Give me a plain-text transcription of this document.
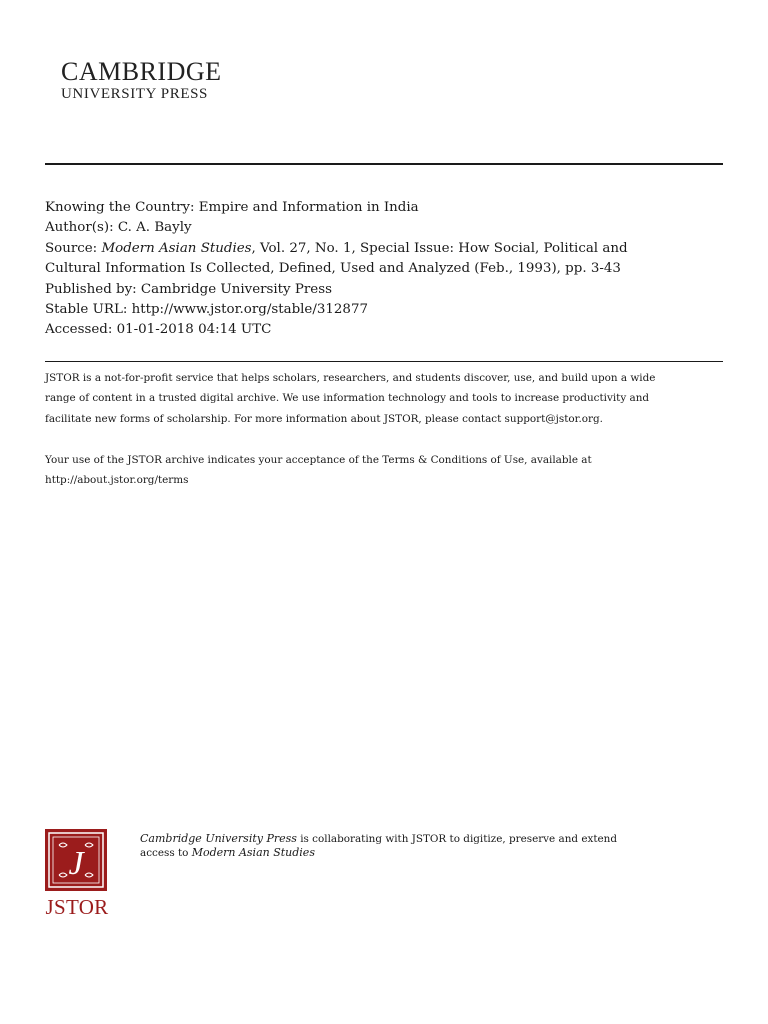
CAMBRIDGE
UNIVERSITY PRESS
Knowing the Country: Empire and Information in India
Author(s): C. A. Bayly
Source: Modern Asian Studies, Vol. 27, No. 1, Special Issue: How Social, Political and
Cultural Information Is Collected, Defined, Used and Analyzed (Feb., 1993), pp. 3-43
Published by: Cambridge University Press
Stable URL: http://www.jstor.org/stable/312877
Accessed: 01-01-2018 04:14 UTC
JSTOR is a not-for-profit service that helps scholars, researchers, and students discover, use, and build upon a wide
range of content in a trusted digital archive. We use information technology and tools to increase productivity and
facilitate new forms of scholarship. For more information about JSTOR, please contact support@jstor.org.
Your use of the JSTOR archive indicates your acceptance of the Terms & Conditions of Use, available at
http://about.jstor.org/terms
J
JSTOR
Cambridge University Press is collaborating with JSTOR to digitize, preserve and extend
access to Modern Asian Studies
